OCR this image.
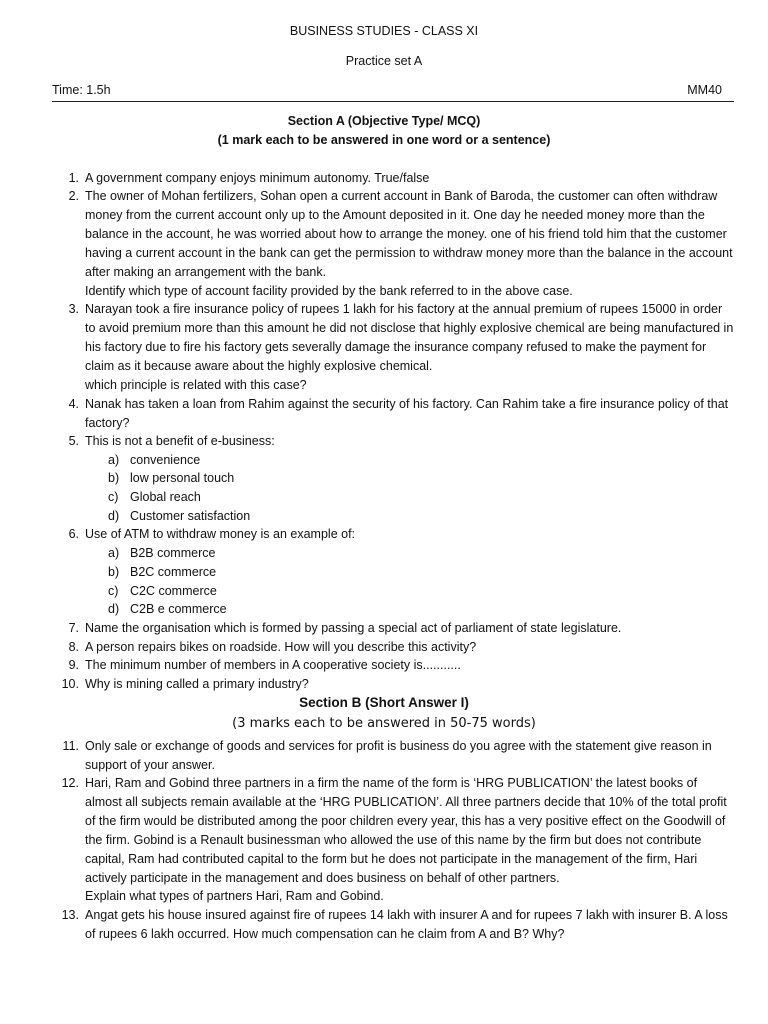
BUSINESS STUDIES - CLASS XI
Practice set A
Time: 1.5h	MM40
Section A (Objective Type/ MCQ)
(1 mark each to be answered in one word or a sentence)
1. A government company enjoys minimum autonomy. True/false
2. The owner of Mohan fertilizers, Sohan open a current account in Bank of Baroda, the customer can often withdraw money from the current account only up to the Amount deposited in it. One day he needed money more than the balance in the account, he was worried about how to arrange the money. one of his friend told him that the customer having a current account in the bank can get the permission to withdraw money more than the balance in the account after making an arrangement with the bank.
Identify which type of account facility provided by the bank referred to in the above case.
3. Narayan took a fire insurance policy of rupees 1 lakh for his factory at the annual premium of rupees 15000 in order to avoid premium more than this amount he did not disclose that highly explosive chemical are being manufactured in his factory due to fire his factory gets severally damage the insurance company refused to make the payment for claim as it because aware about the highly explosive chemical.
which principle is related with this case?
4. Nanak has taken a loan from Rahim against the security of his factory. Can Rahim take a fire insurance policy of that factory?
5. This is not a benefit of e-business:
a) convenience
b) low personal touch
c) Global reach
d) Customer satisfaction
6. Use of ATM to withdraw money is an example of:
a) B2B commerce
b) B2C commerce
c) C2C commerce
d) C2B e commerce
7. Name the organisation which is formed by passing a special act of parliament of state legislature.
8. A person repairs bikes on roadside. How will you describe this activity?
9. The minimum number of members in A cooperative society is...........
10. Why is mining called a primary industry?
Section B (Short Answer I)
(3 marks each to be answered in 50-75 words)
11. Only sale or exchange of goods and services for profit is business do you agree with the statement give reason in support of your answer.
12. Hari, Ram and Gobind three partners in a firm the name of the form is ‘HRG PUBLICATION’ the latest books of almost all subjects remain available at the ‘HRG PUBLICATION’. All three partners decide that 10% of the total profit of the firm would be distributed among the poor children every year, this has a very positive effect on the Goodwill of the firm. Gobind is a Renault businessman who allowed the use of this name by the firm but does not contribute capital, Ram had contributed capital to the form but he does not participate in the management of the firm, Hari actively participate in the management and does business on behalf of other partners.
Explain what types of partners Hari, Ram and Gobind.
13. Angat gets his house insured against fire of rupees 14 lakh with insurer A and for rupees 7 lakh with insurer B. A loss of rupees 6 lakh occurred. How much compensation can he claim from A and B? Why?
